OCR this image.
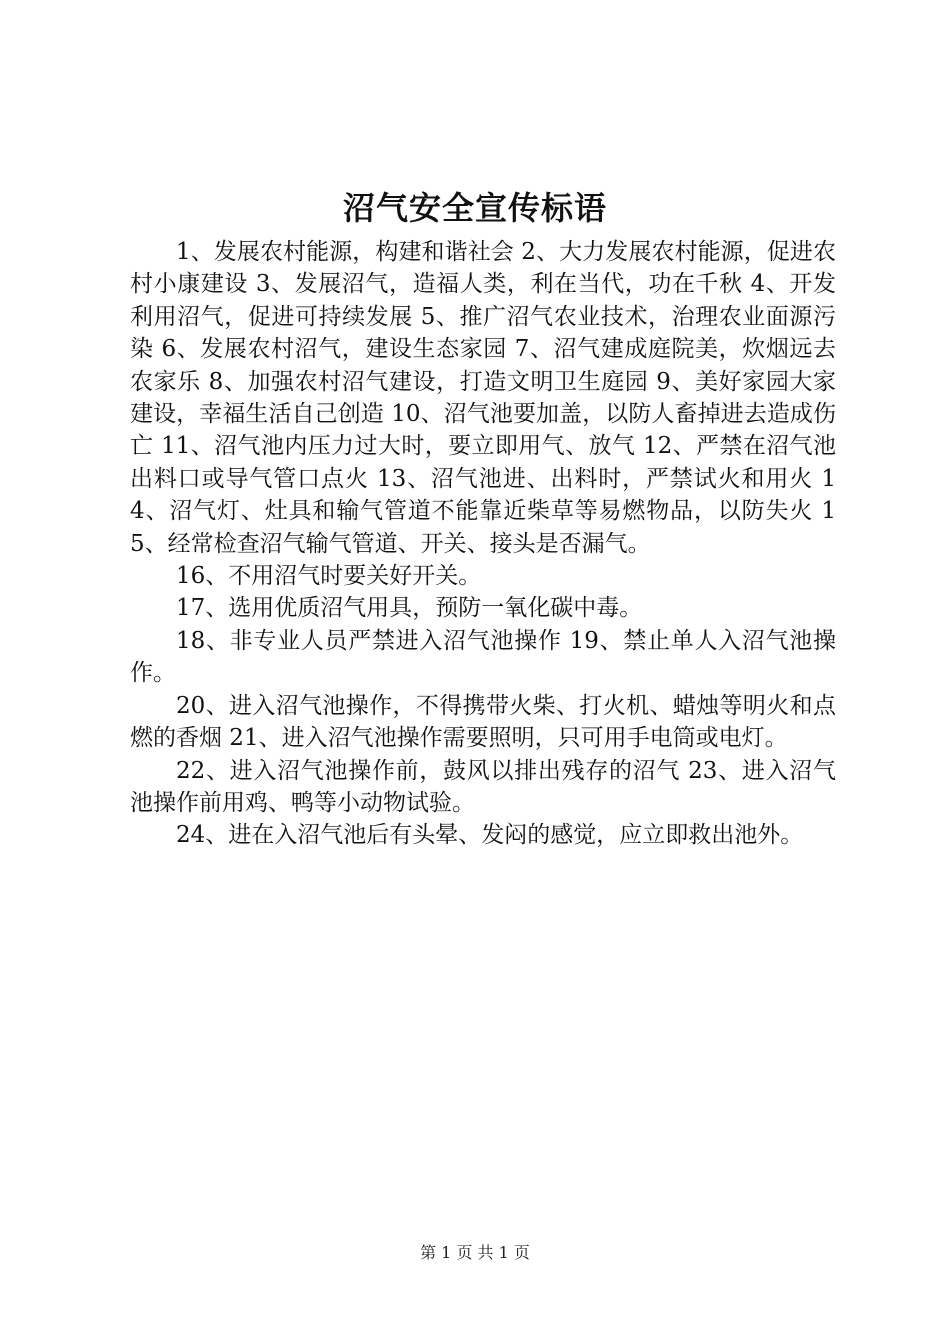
沼气安全宣传标语

1、发展农村能源，构建和谐社会 2、大力发展农村能源，促进农村小康建设 3、发展沼气，造福人类，利在当代，功在千秋 4、开发利用沼气，促进可持续发展 5、推广沼气农业技术，治理农业面源污染 6、发展农村沼气，建设生态家园 7、沼气建成庭院美，炊烟远去农家乐 8、加强农村沼气建设，打造文明卫生庭园 9、美好家园大家建设，幸福生活自己创造 10、沼气池要加盖，以防人畜掉进去造成伤亡 11、沼气池内压力过大时，要立即用气、放气 12、严禁在沼气池出料口或导气管口点火 13、沼气池进、出料时，严禁试火和用火 14、沼气灯、灶具和输气管道不能靠近柴草等易燃物品，以防失火 15、经常检查沼气输气管道、开关、接头是否漏气。

16、不用沼气时要关好开关。

17、选用优质沼气用具，预防一氧化碳中毒。

18、非专业人员严禁进入沼气池操作 19、禁止单人入沼气池操作。

20、进入沼气池操作，不得携带火柴、打火机、蜡烛等明火和点燃的香烟 21、进入沼气池操作需要照明，只可用手电筒或电灯。

22、进入沼气池操作前，鼓风以排出残存的沼气 23、进入沼气池操作前用鸡、鸭等小动物试验。

24、进在入沼气池后有头晕、发闷的感觉，应立即救出池外。

第 1 页 共 1 页
